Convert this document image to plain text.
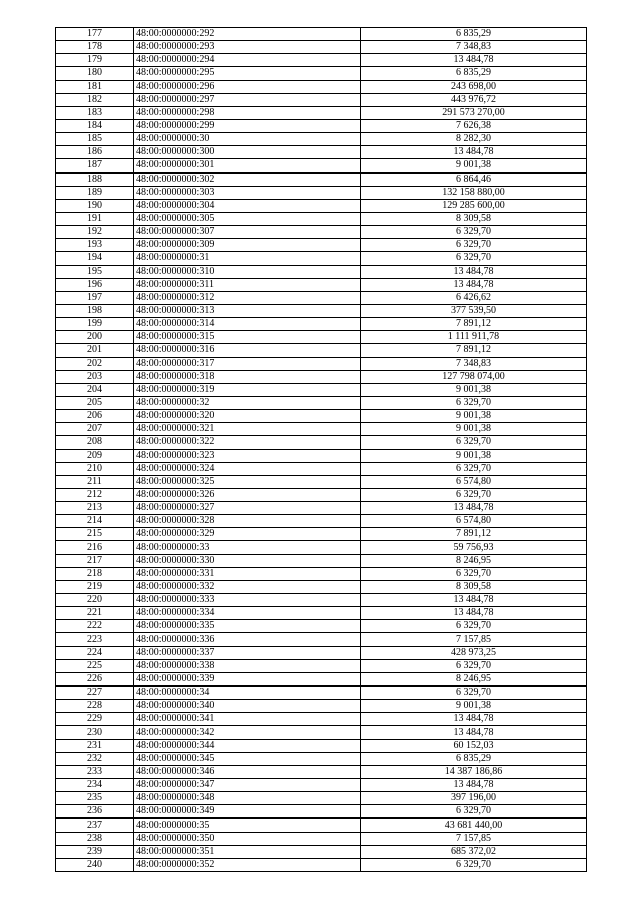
177	48:00:0000000:292	6 835,29
178	48:00:0000000:293	7 348,83
179	48:00:0000000:294	13 484,78
180	48:00:0000000:295	6 835,29
181	48:00:0000000:296	243 698,00
182	48:00:0000000:297	443 976,72
183	48:00:0000000:298	291 573 270,00
184	48:00:0000000:299	7 626,38
185	48:00:0000000:30	8 282,30
186	48:00:0000000:300	13 484,78
187	48:00:0000000:301	9 001,38
188	48:00:0000000:302	6 864,46
189	48:00:0000000:303	132 158 880,00
190	48:00:0000000:304	129 285 600,00
191	48:00:0000000:305	8 309,58
192	48:00:0000000:307	6 329,70
193	48:00:0000000:309	6 329,70
194	48:00:0000000:31	6 329,70
195	48:00:0000000:310	13 484,78
196	48:00:0000000:311	13 484,78
197	48:00:0000000:312	6 426,62
198	48:00:0000000:313	377 539,50
199	48:00:0000000:314	7 891,12
200	48:00:0000000:315	1 111 911,78
201	48:00:0000000:316	7 891,12
202	48:00:0000000:317	7 348,83
203	48:00:0000000:318	127 798 074,00
204	48:00:0000000:319	9 001,38
205	48:00:0000000:32	6 329,70
206	48:00:0000000:320	9 001,38
207	48:00:0000000:321	9 001,38
208	48:00:0000000:322	6 329,70
209	48:00:0000000:323	9 001,38
210	48:00:0000000:324	6 329,70
211	48:00:0000000:325	6 574,80
212	48:00:0000000:326	6 329,70
213	48:00:0000000:327	13 484,78
214	48:00:0000000:328	6 574,80
215	48:00:0000000:329	7 891,12
216	48:00:0000000:33	59 756,93
217	48:00:0000000:330	8 246,95
218	48:00:0000000:331	6 329,70
219	48:00:0000000:332	8 309,58
220	48:00:0000000:333	13 484,78
221	48:00:0000000:334	13 484,78
222	48:00:0000000:335	6 329,70
223	48:00:0000000:336	7 157,85
224	48:00:0000000:337	428 973,25
225	48:00:0000000:338	6 329,70
226	48:00:0000000:339	8 246,95
227	48:00:0000000:34	6 329,70
228	48:00:0000000:340	9 001,38
229	48:00:0000000:341	13 484,78
230	48:00:0000000:342	13 484,78
231	48:00:0000000:344	60 152,03
232	48:00:0000000:345	6 835,29
233	48:00:0000000:346	14 387 186,86
234	48:00:0000000:347	13 484,78
235	48:00:0000000:348	397 196,00
236	48:00:0000000:349	6 329,70
237	48:00:0000000:35	43 681 440,00
238	48:00:0000000:350	7 157,85
239	48:00:0000000:351	685 372,02
240	48:00:0000000:352	6 329,70
